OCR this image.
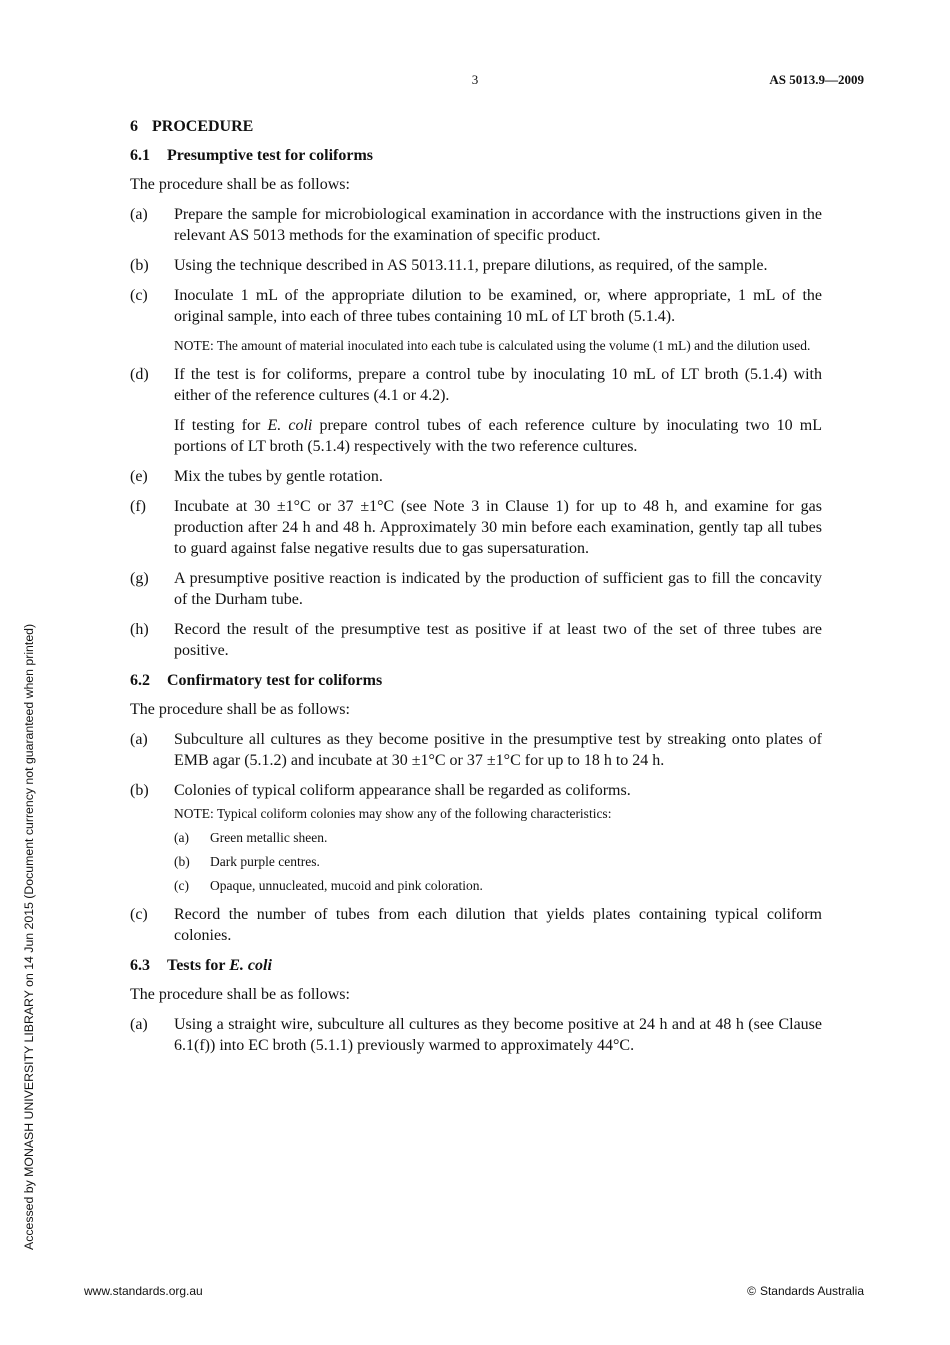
3	AS 5013.9—2009
6 PROCEDURE
6.1 Presumptive test for coliforms

The procedure shall be as follows:

(a)	Prepare the sample for microbiological examination in accordance with the instructions given in the relevant AS 5013 methods for the examination of specific product.
(b)	Using the technique described in AS 5013.11.1, prepare dilutions, as required, of the sample.
(c)	Inoculate 1 mL of the appropriate dilution to be examined, or, where appropriate, 1 mL of the original sample, into each of three tubes containing 10 mL of LT broth (5.1.4).
NOTE: The amount of material inoculated into each tube is calculated using the volume (1 mL) and the dilution used.
(d)	If the test is for coliforms, prepare a control tube by inoculating 10 mL of LT broth (5.1.4) with either of the reference cultures (4.1 or 4.2).

If testing for E. coli prepare control tubes of each reference culture by inoculating two 10 mL portions of LT broth (5.1.4) respectively with the two reference cultures.

(e)	Mix the tubes by gentle rotation.
(f)	Incubate at 30 ±1°C or 37 ±1°C (see Note 3 in Clause 1) for up to 48 h, and examine for gas production after 24 h and 48 h. Approximately 30 min before each examination, gently tap all tubes to guard against false negative results due to gas supersaturation.
(g)	A presumptive positive reaction is indicated by the production of sufficient gas to fill the concavity of the Durham tube.
(h)	Record the result of the presumptive test as positive if at least two of the set of three tubes are positive.
6.2 Confirmatory test for coliforms

The procedure shall be as follows:

(a)	Subculture all cultures as they become positive in the presumptive test by streaking onto plates of EMB agar (5.1.2) and incubate at 30 ±1°C or 37 ±1°C for up to 18 h to 24 h.
(b)	Colonies of typical coliform appearance shall be regarded as coliforms.

NOTE: Typical coliform colonies may show any of the following characteristics:
(a)	Green metallic sheen.
(b)	Dark purple centres.
(c)	Opaque, unnucleated, mucoid and pink coloration.
(c)	Record the number of tubes from each dilution that yields plates containing typical coliform colonies.
6.3 Tests for E. coli

The procedure shall be as follows:

(a)	Using a straight wire, subculture all cultures as they become positive at 24 h and at 48 h (see Clause 6.1(f)) into EC broth (5.1.1) previously warmed to approximately 44°C.
Accessed by MONASH UNIVERSITY LIBRARY on 14 Jun 2015 (Document currency not guaranteed when printed)
www.standards.org.au	© Standards Australia
